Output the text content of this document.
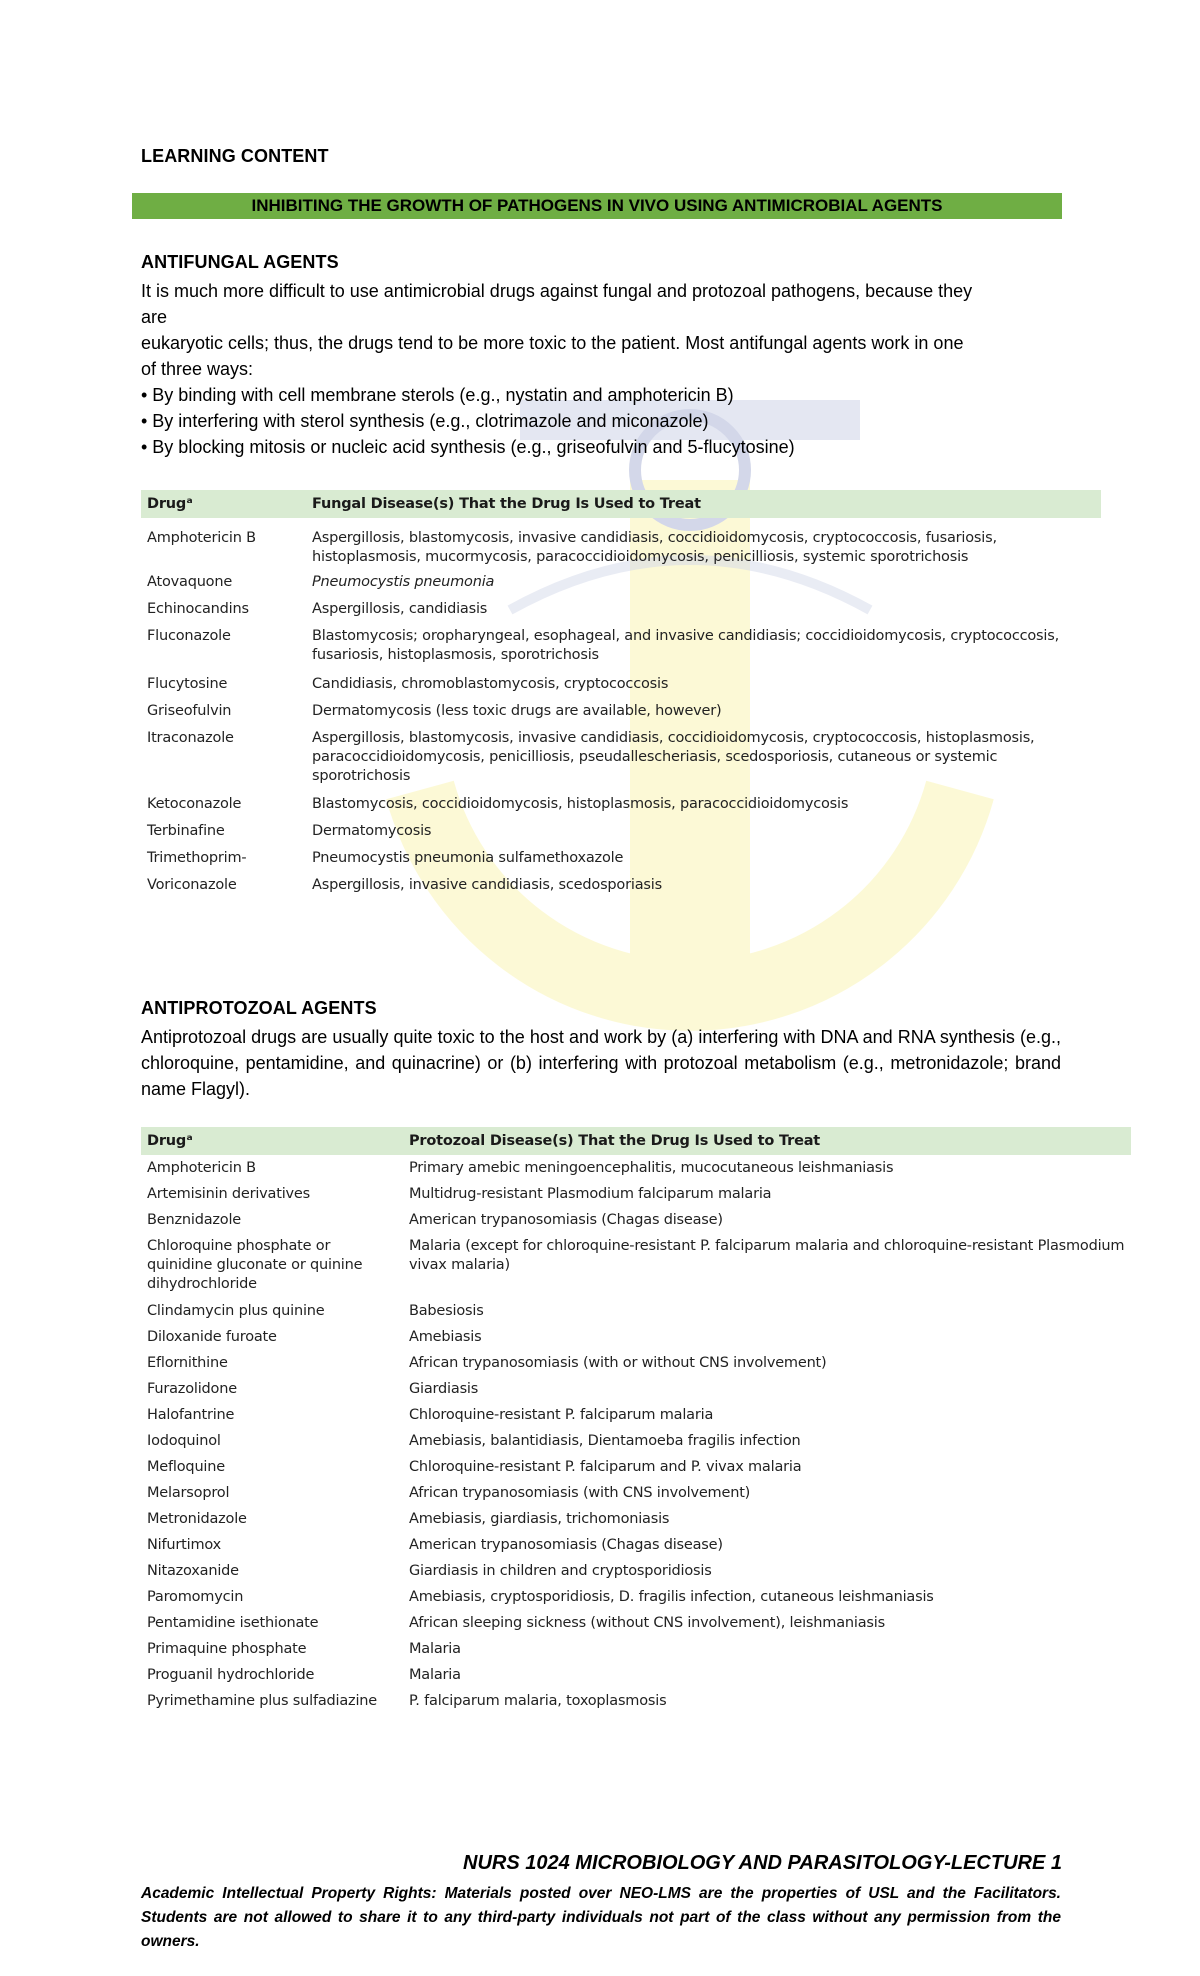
LEARNING CONTENT
INHIBITING THE GROWTH OF PATHOGENS IN VIVO USING ANTIMICROBIAL AGENTS
ANTIFUNGAL AGENTS

It is much more difficult to use antimicrobial drugs against fungal and protozoal pathogens, because they

are

eukaryotic cells; thus, the drugs tend to be more toxic to the patient. Most antifungal agents work in one

of three ways:

• By binding with cell membrane sterols (e.g., nystatin and amphotericin B)

• By interfering with sterol synthesis (e.g., clotrimazole and miconazole)

• By blocking mitosis or nucleic acid synthesis (e.g., griseofulvin and 5-flucytosine)

Drugᵃ	Fungal Disease(s) That the Drug Is Used to Treat
Amphotericin B	Aspergillosis, blastomycosis, invasive candidiasis, coccidioidomycosis, cryptococcosis, fusariosis, histoplasmosis, mucormycosis, paracoccidioidomycosis, penicilliosis, systemic sporotrichosis
Atovaquone	Pneumocystis pneumonia
Echinocandins	Aspergillosis, candidiasis
Fluconazole	Blastomycosis; oropharyngeal, esophageal, and invasive candidiasis; coccidioidomycosis, cryptococcosis, fusariosis, histoplasmosis, sporotrichosis
Flucytosine	Candidiasis, chromoblastomycosis, cryptococcosis
Griseofulvin	Dermatomycosis (less toxic drugs are available, however)
Itraconazole	Aspergillosis, blastomycosis, invasive candidiasis, coccidioidomycosis, cryptococcosis, histoplasmosis, paracoccidioidomycosis, penicilliosis, pseudallescheriasis, scedosporiosis, cutaneous or systemic sporotrichosis
Ketoconazole	Blastomycosis, coccidioidomycosis, histoplasmosis, paracoccidioidomycosis
Terbinafine	Dermatomycosis
Trimethoprim-	Pneumocystis pneumonia sulfamethoxazole
Voriconazole	Aspergillosis, invasive candidiasis, scedosporiasis
ANTIPROTOZOAL AGENTS
Antiprotozoal drugs are usually quite toxic to the host and work by (a) interfering with DNA and RNA synthesis (e.g., chloroquine, pentamidine, and quinacrine) or (b) interfering with protozoal metabolism (e.g., metronidazole; brand name Flagyl).
Drugᵃ	Protozoal Disease(s) That the Drug Is Used to Treat
Amphotericin B	Primary amebic meningoencephalitis, mucocutaneous leishmaniasis
Artemisinin derivatives	Multidrug-resistant Plasmodium falciparum malaria
Benznidazole	American trypanosomiasis (Chagas disease)
Chloroquine phosphate or quinidine gluconate or quinine dihydrochloride	Malaria (except for chloroquine-resistant P. falciparum malaria and chloroquine-resistant Plasmodium vivax malaria)
Clindamycin plus quinine	Babesiosis
Diloxanide furoate	Amebiasis
Eflornithine	African trypanosomiasis (with or without CNS involvement)
Furazolidone	Giardiasis
Halofantrine	Chloroquine-resistant P. falciparum malaria
Iodoquinol	Amebiasis, balantidiasis, Dientamoeba fragilis infection
Mefloquine	Chloroquine-resistant P. falciparum and P. vivax malaria
Melarsoprol	African trypanosomiasis (with CNS involvement)
Metronidazole	Amebiasis, giardiasis, trichomoniasis
Nifurtimox	American trypanosomiasis (Chagas disease)
Nitazoxanide	Giardiasis in children and cryptosporidiosis
Paromomycin	Amebiasis, cryptosporidiosis, D. fragilis infection, cutaneous leishmaniasis
Pentamidine isethionate	African sleeping sickness (without CNS involvement), leishmaniasis
Primaquine phosphate	Malaria
Proguanil hydrochloride	Malaria
Pyrimethamine plus sulfadiazine	P. falciparum malaria, toxoplasmosis
NURS 1024 MICROBIOLOGY AND PARASITOLOGY-LECTURE 1
Academic Intellectual Property Rights: Materials posted over NEO-LMS are the properties of USL and the Facilitators. Students are not allowed to share it to any third-party individuals not part of the class without any permission from the owners.
